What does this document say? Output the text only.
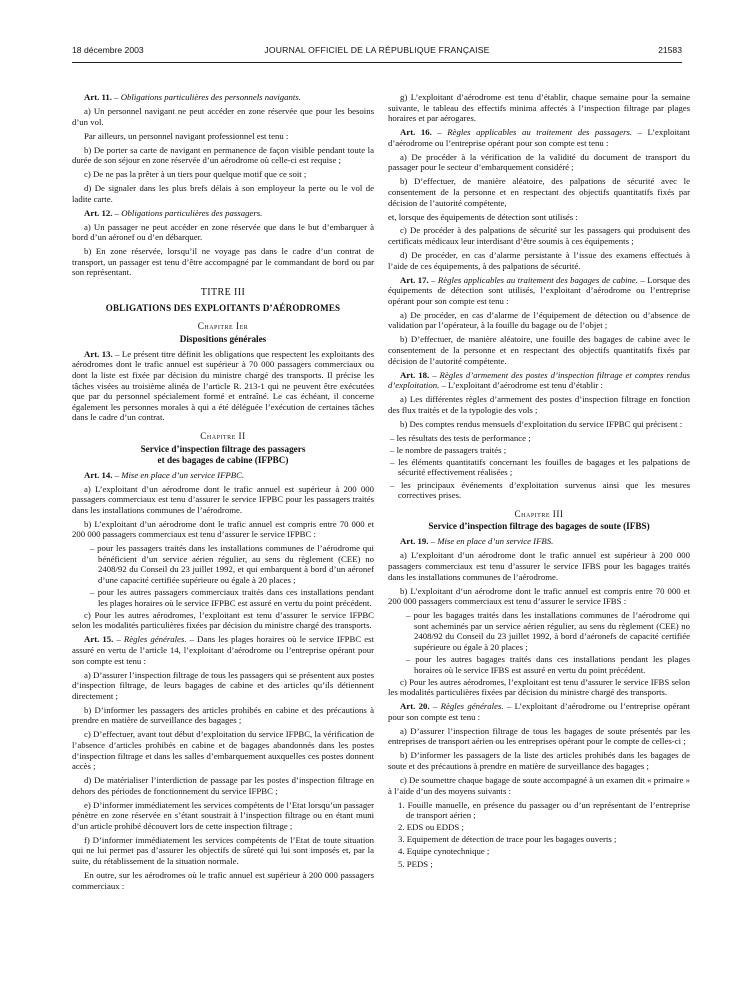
18 décembre 2003	JOURNAL OFFICIEL DE LA RÉPUBLIQUE FRANÇAISE	21583

Art. 11. – Obligations particulières des personnels navigants.

a) Un personnel navigant ne peut accéder en zone réservée que pour les besoins d’un vol.

Par ailleurs, un personnel navigant professionnel est tenu :

b) De porter sa carte de navigant en permanence de façon visible pendant toute la durée de son séjour en zone réservée d’un aérodrome où celle-ci est requise ;

c) De ne pas la prêter à un tiers pour quelque motif que ce soit ;

d) De signaler dans les plus brefs délais à son employeur la perte ou le vol de ladite carte.

Art. 12. – Obligations particulières des passagers.

a) Un passager ne peut accéder en zone réservée que dans le but d’embarquer à bord d’un aéronef ou d’en débarquer.

b) En zone réservée, lorsqu’il ne voyage pas dans le cadre d’un contrat de transport, un passager est tenu d’être accompagné par le commandant de bord ou par son représentant.

TITRE III
OBLIGATIONS DES EXPLOITANTS D’AÉRODROMES
Chapitre Ier
Dispositions générales

Art. 13. – Le présent titre définit les obligations que respectent les exploitants des aérodromes dont le trafic annuel est supérieur à 70 000 passagers commerciaux ou dont la liste est fixée par décision du ministre chargé des transports. Il précise les tâches visées au troisième alinéa de l’article R. 213-1 qui ne peuvent être exécutées que par du personnel spécialement formé et entraîné. Le cas échéant, il concerne également les personnes morales à qui a été déléguée l’exécution de certaines tâches dans le cadre d’un contrat.

Chapitre II
Service d’inspection filtrage des passagers
et des bagages de cabine (IFPBC)

Art. 14. – Mise en place d’un service IFPBC.

a) L’exploitant d’un aérodrome dont le trafic annuel est supérieur à 200 000 passagers commerciaux est tenu d’assurer le service IFPBC pour les passagers traités dans les installations communes de l’aérodrome.

b) L’exploitant d’un aérodrome dont le trafic annuel est compris entre 70 000 et 200 000 passagers commerciaux est tenu d’assurer le service IFPBC :

– pour les passagers traités dans les installations communes de l’aérodrome qui bénéficient d’un service aérien régulier, au sens du règlement (CEE) no 2408/92 du Conseil du 23 juillet 1992, et qui embarquent à bord d’un aéronef d’une capacité certifiée supérieure ou égale à 20 places ;

– pour les autres passagers commerciaux traités dans ces installations pendant les plages horaires où le service IFPBC est assuré en vertu du point précédent.

c) Pour les autres aérodromes, l’exploitant est tenu d’assurer le service IFPBC selon les modalités particulières fixées par décision du ministre chargé des transports.

Art. 15. – Règles générales. – Dans les plages horaires où le service IFPBC est assuré en vertu de l’article 14, l’exploitant d’aérodrome ou l’entreprise opérant pour son compte est tenu :

a) D’assurer l’inspection filtrage de tous les passagers qui se présentent aux postes d’inspection filtrage, de leurs bagages de cabine et des articles qu’ils détiennent directement ;

b) D’informer les passagers des articles prohibés en cabine et des précautions à prendre en matière de surveillance des bagages ;

c) D’effectuer, avant tout début d’exploitation du service IFPBC, la vérification de l’absence d’articles prohibés en cabine et de bagages abandonnés dans les postes d’inspection filtrage et dans les salles d’embarquement auxquelles ces postes donnent accès ;

d) De matérialiser l’interdiction de passage par les postes d’inspection filtrage en dehors des périodes de fonctionnement du service IFPBC ;

e) D’informer immédiatement les services compétents de l’Etat lorsqu’un passager pénètre en zone réservée en s’étant soustrait à l’inspection filtrage ou en étant muni d’un article prohibé découvert lors de cette inspection filtrage ;

f) D’informer immédiatement les services compétents de l’Etat de toute situation qui ne lui permet pas d’assurer les objectifs de sûreté qui lui sont imposés et, par la suite, du rétablissement de la situation normale.

En outre, sur les aérodromes où le trafic annuel est supérieur à 200 000 passagers commerciaux :

g) L’exploitant d’aérodrome est tenu d’établir, chaque semaine pour la semaine suivante, le tableau des effectifs minima affectés à l’inspection filtrage par plages horaires et par aérogares.

Art. 16. – Règles applicables au traitement des passagers. – L’exploitant d’aérodrome ou l’entreprise opérant pour son compte est tenu :

a) De procéder à la vérification de la validité du document de transport du passager pour le secteur d’embarquement considéré ;

b) D’effectuer, de manière aléatoire, des palpations de sécurité avec le consentement de la personne et en respectant des objectifs quantitatifs fixés par décision de l’autorité compétente,

et, lorsque des équipements de détection sont utilisés :

c) De procéder à des palpations de sécurité sur les passagers qui produisent des certificats médicaux leur interdisant d’être soumis à ces équipements ;

d) De procéder, en cas d’alarme persistante à l’issue des examens effectués à l’aide de ces équipements, à des palpations de sécurité.

Art. 17. – Règles applicables au traitement des bagages de cabine. – Lorsque des équipements de détection sont utilisés, l’exploitant d’aérodrome ou l’entreprise opérant pour son compte est tenu :

a) De procéder, en cas d’alarme de l’équipement de détection ou d’absence de validation par l’opérateur, à la fouille du bagage ou de l’objet ;

b) D’effectuer, de manière aléatoire, une fouille des bagages de cabine avec le consentement de la personne et en respectant des objectifs quantitatifs fixés par décision de l’autorité compétente.

Art. 18. – Règles d’armement des postes d’inspection filtrage et comptes rendus d’exploitation. – L’exploitant d’aérodrome est tenu d’établir :

a) Les différentes règles d’armement des postes d’inspection filtrage en fonction des flux traités et de la typologie des vols ;

b) Des comptes rendus mensuels d’exploitation du service IFPBC qui précisent :

– les résultats des tests de performance ;

– le nombre de passagers traités ;

– les éléments quantitatifs concernant les fouilles de bagages et les palpations de sécurité effectivement réalisées ;

– les principaux événements d’exploitation survenus ainsi que les mesures correctives prises.

Chapitre III
Service d’inspection filtrage des bagages de soute (IFBS)

Art. 19. – Mise en place d’un service IFBS.

a) L’exploitant d’un aérodrome dont le trafic annuel est supérieur à 200 000 passagers commerciaux est tenu d’assurer le service IFBS pour les bagages traités dans les installations communes de l’aérodrome.

b) L’exploitant d’un aérodrome dont le trafic annuel est compris entre 70 000 et 200 000 passagers commerciaux est tenu d’assurer le service IFBS :

– pour les bagages traités dans les installations communes de l’aérodrome qui sont acheminés par un service aérien régulier, au sens du règlement (CEE) no 2408/92 du Conseil du 23 juillet 1992, à bord d’aéronefs de capacité certifiée supérieure ou égale à 20 places ;

– pour les autres bagages traités dans ces installations pendant les plages horaires où le service IFBS est assuré en vertu du point précédent.

c) Pour les autres aérodromes, l’exploitant est tenu d’assurer le service IFBS selon les modalités particulières fixées par décision du ministre chargé des transports.

Art. 20. – Règles générales. – L’exploitant d’aérodrome ou l’entreprise opérant pour son compte est tenu :

a) D’assurer l’inspection filtrage de tous les bagages de soute présentés par les entreprises de transport aérien ou les entreprises opérant pour le compte de celles-ci ;

b) D’informer les passagers de la liste des articles prohibés dans les bagages de soute et des précautions à prendre en matière de surveillance des bagages ;

c) De soumettre chaque bagage de soute accompagné à un examen dit « primaire » à l’aide d’un des moyens suivants :

1. Fouille manuelle, en présence du passager ou d’un représentant de l’entreprise de transport aérien ;

2. EDS ou EDDS ;

3. Equipement de détection de trace pour les bagages ouverts ;

4. Equipe cynotechnique ;

5. PEDS ;
